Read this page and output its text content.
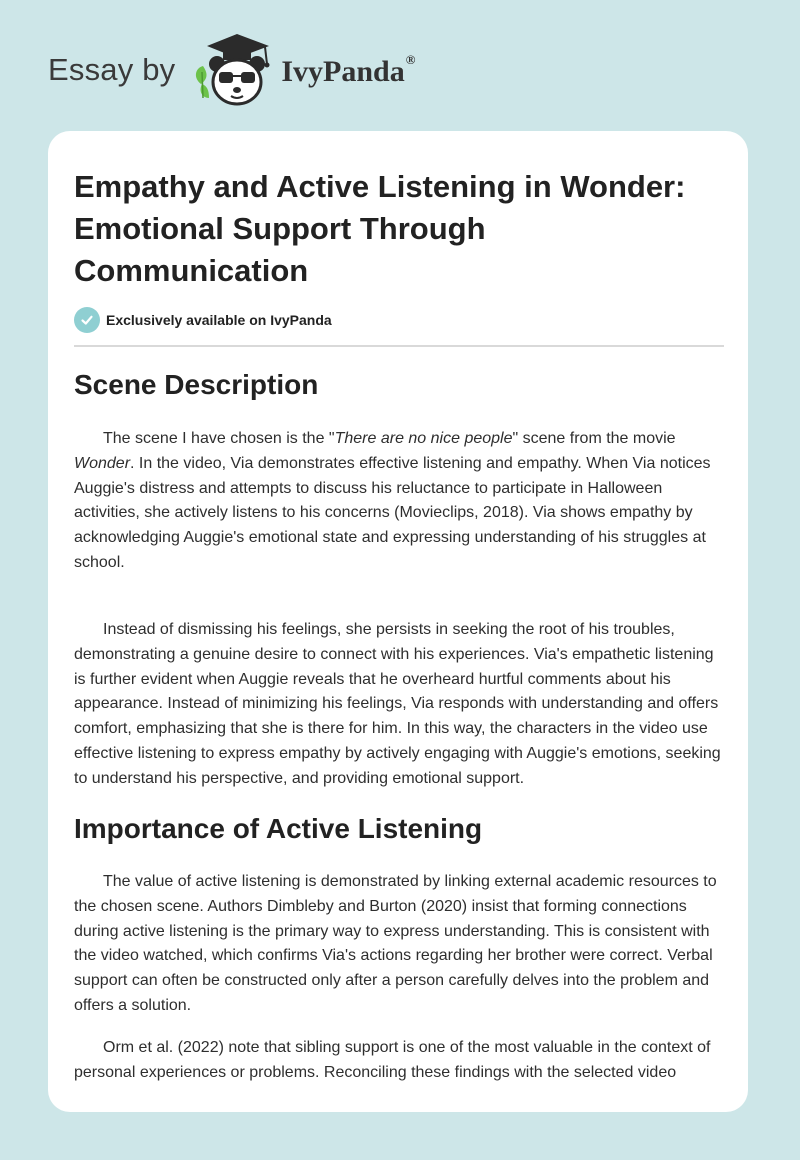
Essay by	IvyPanda®
Empathy and Active Listening in Wonder: Emotional Support Through Communication
Exclusively available on IvyPanda
Scene Description

The scene I have chosen is the "There are no nice people" scene from the movie Wonder. In the video, Via demonstrates effective listening and empathy. When Via notices Auggie's distress and attempts to discuss his reluctance to participate in Halloween activities, she actively listens to his concerns (Movieclips, 2018). Via shows empathy by acknowledging Auggie's emotional state and expressing understanding of his struggles at school.

Instead of dismissing his feelings, she persists in seeking the root of his troubles, demonstrating a genuine desire to connect with his experiences. Via's empathetic listening is further evident when Auggie reveals that he overheard hurtful comments about his appearance. Instead of minimizing his feelings, Via responds with understanding and offers comfort, emphasizing that she is there for him. In this way, the characters in the video use effective listening to express empathy by actively engaging with Auggie's emotions, seeking to understand his perspective, and providing emotional support.

Importance of Active Listening

The value of active listening is demonstrated by linking external academic resources to the chosen scene. Authors Dimbleby and Burton (2020) insist that forming connections during active listening is the primary way to express understanding. This is consistent with the video watched, which confirms Via's actions regarding her brother were correct. Verbal support can often be constructed only after a person carefully delves into the problem and offers a solution.

Orm et al. (2022) note that sibling support is one of the most valuable in the context of personal experiences or problems. Reconciling these findings with the selected video
